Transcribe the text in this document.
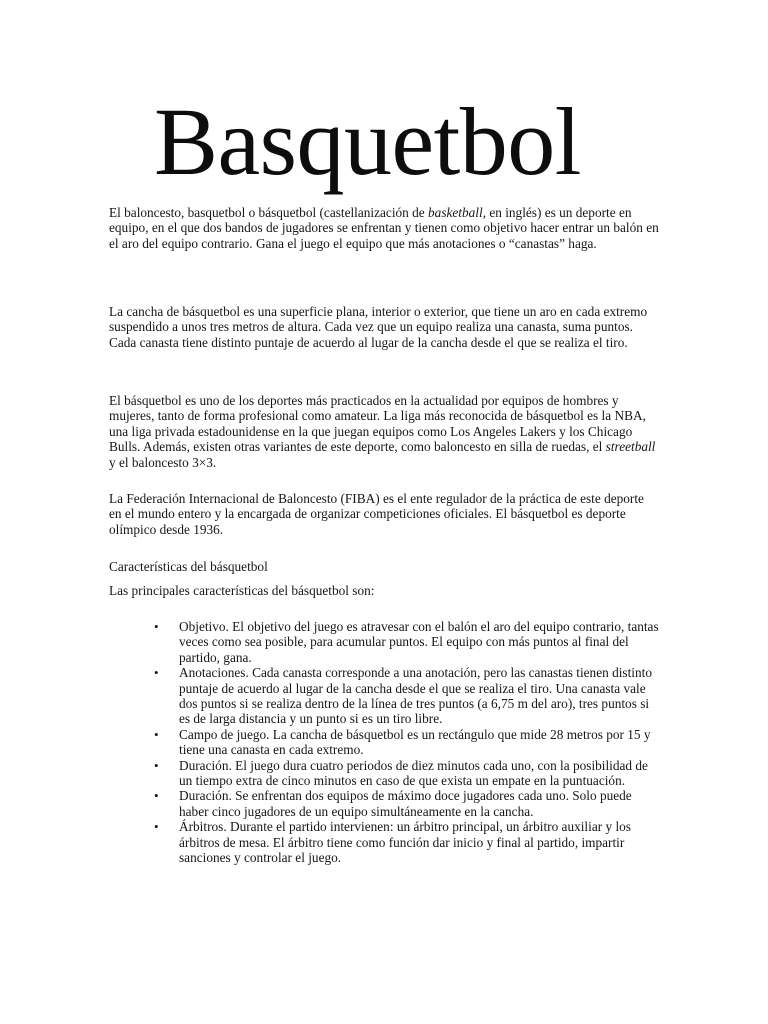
Basquetbol

El baloncesto, basquetbol o básquetbol (castellanización de basketball, en inglés) es un deporte en equipo, en el que dos bandos de jugadores se enfrentan y tienen como objetivo hacer entrar un balón en el aro del equipo contrario. Gana el juego el equipo que más anotaciones o “canastas” haga.

La cancha de básquetbol es una superficie plana, interior o exterior, que tiene un aro en cada extremo suspendido a unos tres metros de altura. Cada vez que un equipo realiza una canasta, suma puntos. Cada canasta tiene distinto puntaje de acuerdo al lugar de la cancha desde el que se realiza el tiro.

El básquetbol es uno de los deportes más practicados en la actualidad por equipos de hombres y mujeres, tanto de forma profesional como amateur. La liga más reconocida de básquetbol es la NBA, una liga privada estadounidense en la que juegan equipos como Los Angeles Lakers y los Chicago Bulls. Además, existen otras variantes de este deporte, como baloncesto en silla de ruedas, el streetball y el baloncesto 3×3.

La Federación Internacional de Baloncesto (FIBA) es el ente regulador de la práctica de este deporte en el mundo entero y la encargada de organizar competiciones oficiales. El básquetbol es deporte olímpico desde 1936.

Características del básquetbol

Las principales características del básquetbol son:

• Objetivo. El objetivo del juego es atravesar con el balón el aro del equipo contrario, tantas veces como sea posible, para acumular puntos. El equipo con más puntos al final del partido, gana.
• Anotaciones. Cada canasta corresponde a una anotación, pero las canastas tienen distinto puntaje de acuerdo al lugar de la cancha desde el que se realiza el tiro. Una canasta vale dos puntos si se realiza dentro de la línea de tres puntos (a 6,75 m del aro), tres puntos si es de larga distancia y un punto si es un tiro libre.
• Campo de juego. La cancha de básquetbol es un rectángulo que mide 28 metros por 15 y tiene una canasta en cada extremo.
• Duración. El juego dura cuatro periodos de diez minutos cada uno, con la posibilidad de un tiempo extra de cinco minutos en caso de que exista un empate en la puntuación.
• Duración. Se enfrentan dos equipos de máximo doce jugadores cada uno. Solo puede haber cinco jugadores de un equipo simultáneamente en la cancha.
• Árbitros. Durante el partido intervienen: un árbitro principal, un árbitro auxiliar y los árbitros de mesa. El árbitro tiene como función dar inicio y final al partido, impartir sanciones y controlar el juego.
